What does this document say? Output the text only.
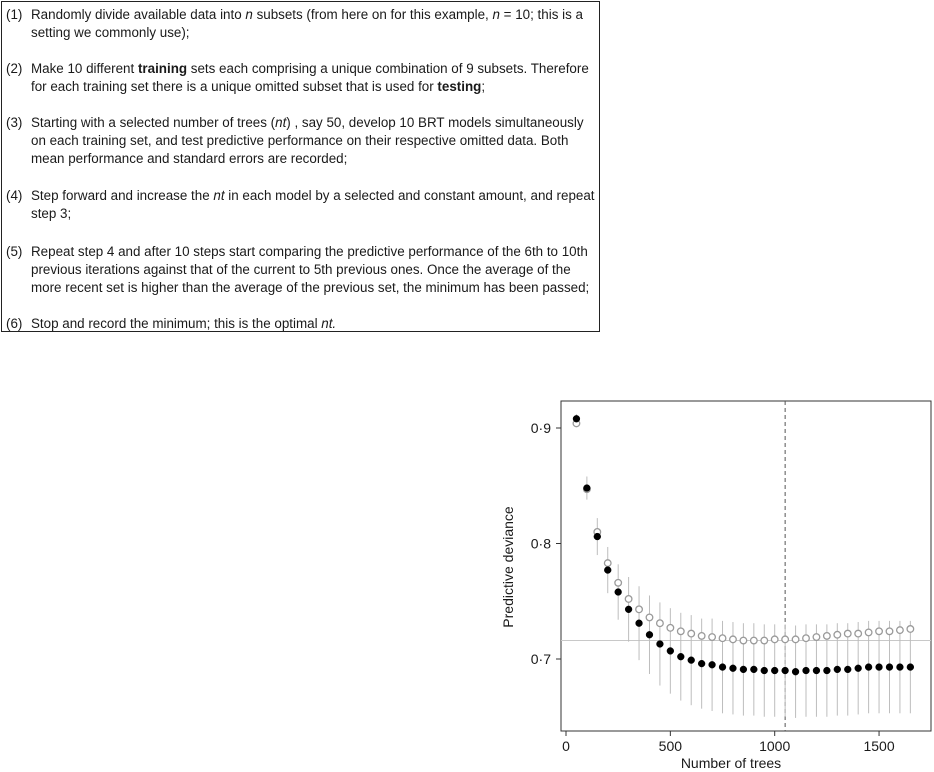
(1) Randomly divide available data into n subsets (from here on for this example, n = 10; this is a setting we commonly use);
(2) Make 10 different training sets each comprising a unique combination of 9 subsets. Therefore for each training set there is a unique omitted subset that is used for testing;
(3) Starting with a selected number of trees (nt) , say 50, develop 10 BRT models simultaneously on each training set, and test predictive performance on their respective omitted data. Both mean performance and standard errors are recorded;
(4) Step forward and increase the nt in each model by a selected and constant amount, and repeat step 3;
(5) Repeat step 4 and after 10 steps start comparing the predictive performance of the 6th to 10th previous iterations against that of the current to 5th previous ones. Once the average of the more recent set is higher than the average of the previous set, the minimum has been passed;
(6) Stop and record the minimum; this is the optimal nt.
0	500	1000	1500
0·7
0·8
0·9
Number of trees
Predictive deviance
